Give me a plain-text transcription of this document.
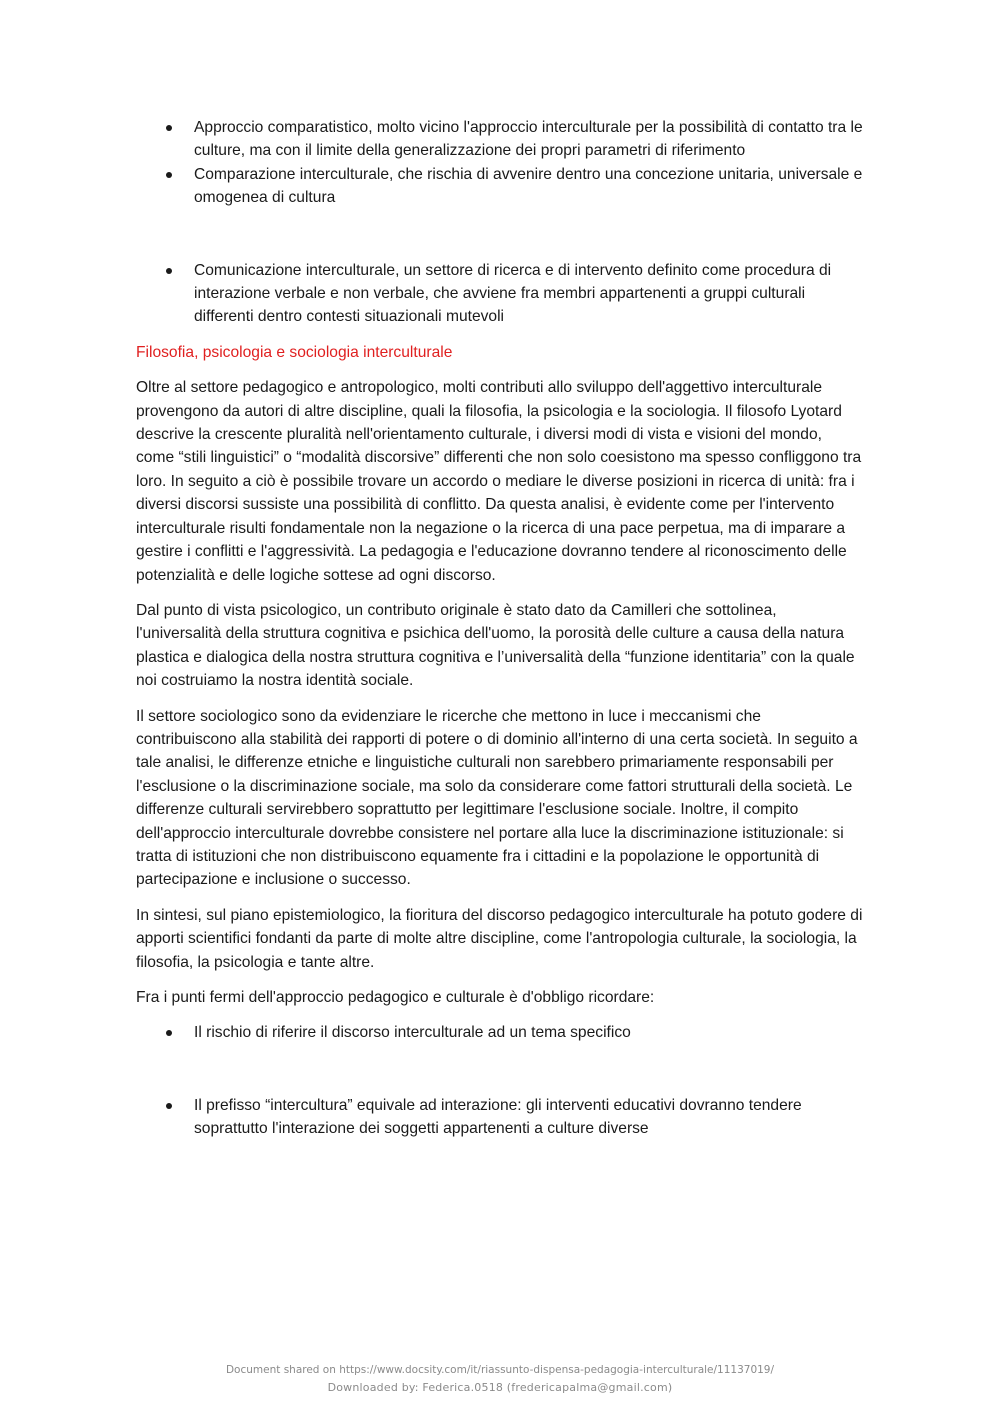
Approccio comparatistico, molto vicino l'approccio interculturale per la possibilità di contatto tra le culture, ma con il limite della generalizzazione dei propri parametri di riferimento
Comparazione interculturale, che rischia di avvenire dentro una concezione unitaria, universale e omogenea di cultura
Comunicazione interculturale, un settore di ricerca e di intervento definito come procedura di interazione verbale e non verbale, che avviene fra membri appartenenti a gruppi culturali differenti dentro contesti situazionali mutevoli
Filosofia, psicologia e sociologia interculturale

Oltre al settore pedagogico e antropologico, molti contributi allo sviluppo dell'aggettivo interculturale provengono da autori di altre discipline, quali la filosofia, la psicologia e la sociologia. Il filosofo Lyotard descrive la crescente pluralità nell'orientamento culturale, i diversi modi di vista e visioni del mondo, come “stili linguistici” o “modalità discorsive” differenti che non solo coesistono ma spesso confliggono tra loro. In seguito a ciò è possibile trovare un accordo o mediare le diverse posizioni in ricerca di unità: fra i diversi discorsi sussiste una possibilità di conflitto. Da questa analisi, è evidente come per l'intervento interculturale risulti fondamentale non la negazione o la ricerca di una pace perpetua, ma di imparare a gestire i conflitti e l'aggressività. La pedagogia e l'educazione dovranno tendere al riconoscimento delle potenzialità e delle logiche sottese ad ogni discorso.

Dal punto di vista psicologico, un contributo originale è stato dato da Camilleri che sottolinea, l'universalità della struttura cognitiva e psichica dell'uomo, la porosità delle culture a causa della natura plastica e dialogica della nostra struttura cognitiva e l’universalità della “funzione identitaria” con la quale noi costruiamo la nostra identità sociale.

Il settore sociologico sono da evidenziare le ricerche che mettono in luce i meccanismi che contribuiscono alla stabilità dei rapporti di potere o di dominio all'interno di una certa società. In seguito a tale analisi, le differenze etniche e linguistiche culturali non sarebbero primariamente responsabili per l'esclusione o la discriminazione sociale, ma solo da considerare come fattori strutturali della società. Le differenze culturali servirebbero soprattutto per legittimare l'esclusione sociale. Inoltre, il compito dell'approccio interculturale dovrebbe consistere nel portare alla luce la discriminazione istituzionale: si tratta di istituzioni che non distribuiscono equamente fra i cittadini e la popolazione le opportunità di partecipazione e inclusione o successo.

In sintesi, sul piano epistemiologico, la fioritura del discorso pedagogico interculturale ha potuto godere di apporti scientifici fondanti da parte di molte altre discipline, come l'antropologia culturale, la sociologia, la filosofia, la psicologia e tante altre.

Fra i punti fermi dell'approccio pedagogico e culturale è d'obbligo ricordare:

Il rischio di riferire il discorso interculturale ad un tema specifico
Il prefisso “intercultura” equivale ad interazione: gli interventi educativi dovranno tendere soprattutto l'interazione dei soggetti appartenenti a culture diverse
Document shared on https://www.docsity.com/it/riassunto-dispensa-pedagogia-interculturale/11137019/
Downloaded by: Federica.0518 (fredericapalma@gmail.com)
